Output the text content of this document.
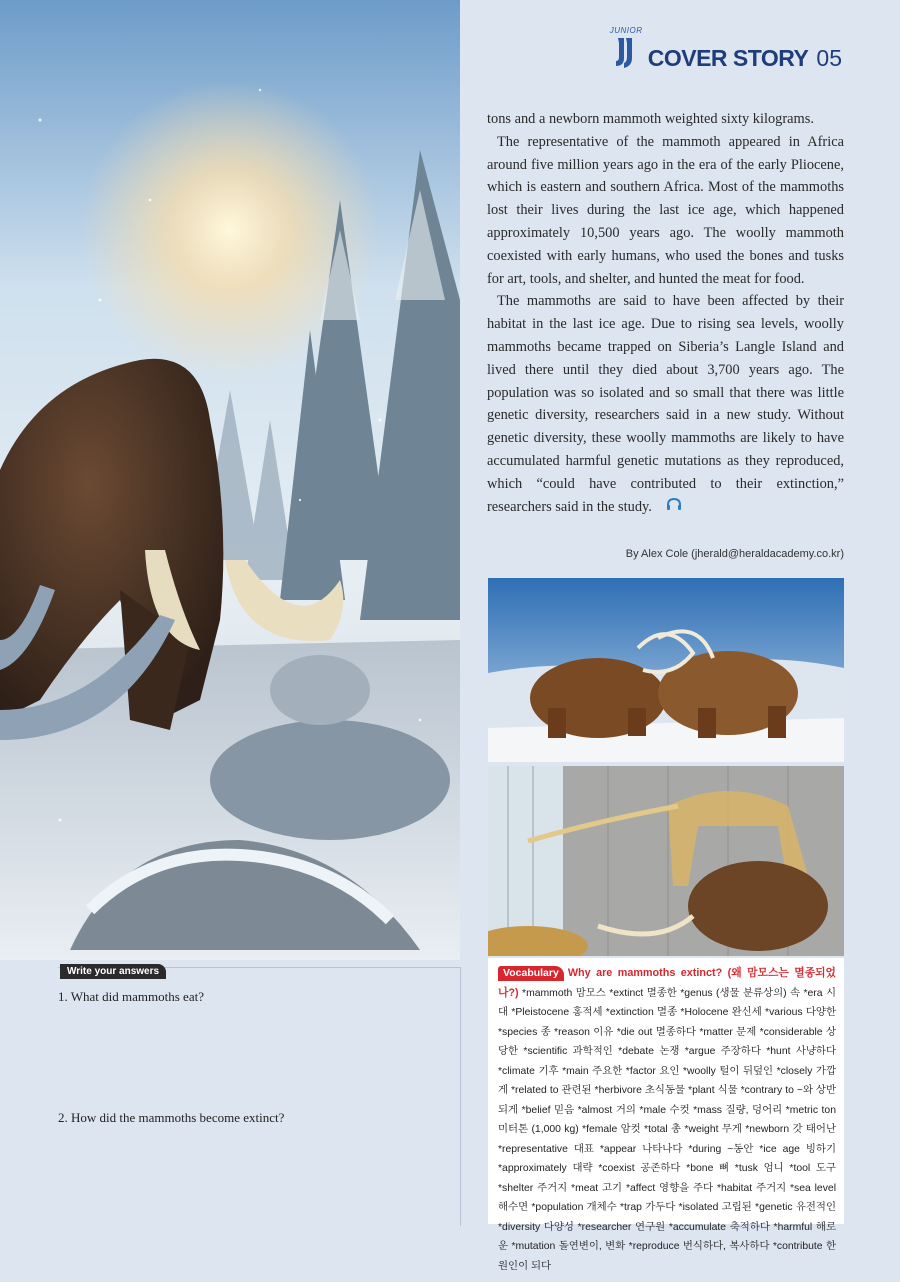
JUNIOR
COVER STORY 05

tons and a newborn mammoth weighted sixty kilograms.

The representative of the mammoth appeared in Africa around five million years ago in the era of the early Pliocene, which is eastern and southern Africa. Most of the mammoths lost their lives during the last ice age, which happened approximately 10,500 years ago. The woolly mammoth coexisted with early humans, who used the bones and tusks for art, tools, and shelter, and hunted the meat for food.

The mammoths are said to have been affected by their habitat in the last ice age. Due to rising sea levels, woolly mammoths became trapped on Siberia’s Langle Island and lived there until they died about 3,700 years ago. The population was so isolated and so small that there was little genetic diversity, researchers said in a new study. Without genetic diversity, these woolly mammoths are likely to have accumulated harmful genetic mutations as they reproduced, which “could have contributed to their extinction,” researchers said in the study.

By Alex Cole (jherald@heraldacademy.co.kr)
Write your answers
1. What did mammoths eat?
2. How did the mammoths become extinct?
Vocabulary Why are mammoths extinct? (왜 맘모스는 멸종되었나?) *mammoth 맘모스 *extinct 멸종한 *genus (생물 분류상의) 속 *era 시대 *Pleistocene 홍적세 *extinction 멸종 *Holocene 완신세 *various 다양한 *species 종 *reason 이유 *die out 멸종하다 *matter 문제 *considerable 상당한 *scientific 과학적인 *debate 논쟁 *argue 주장하다 *hunt 사냥하다 *climate 기후 *main 주요한 *factor 요인 *woolly 털이 뒤덮인 *closely 가깝게 *related to 관련된 *herbivore 초식동물 *plant 식물 *contrary to ~와 상반되게 *belief 믿음 *almost 거의 *male 수컷 *mass 질량, 덩어리 *metric ton 미터톤 (1,000 kg) *female 암컷 *total 총 *weight 무게 *newborn 갓 태어난 *representative 대표 *appear 나타나다 *during ~동안 *ice age 빙하기 *approximately 대략 *coexist 공존하다 *bone 뼈 *tusk 엄니 *tool 도구 *shelter 주거지 *meat 고기 *affect 영향을 주다 *habitat 주거지 *sea level 해수면 *population 개체수 *trap 가두다 *isolated 고립된 *genetic 유전적인 *diversity 다양성 *researcher 연구원 *accumulate 축적하다 *harmful 해로운 *mutation 돌연변이, 변화 *reproduce 번식하다, 복사하다 *contribute 한 원인이 되다
